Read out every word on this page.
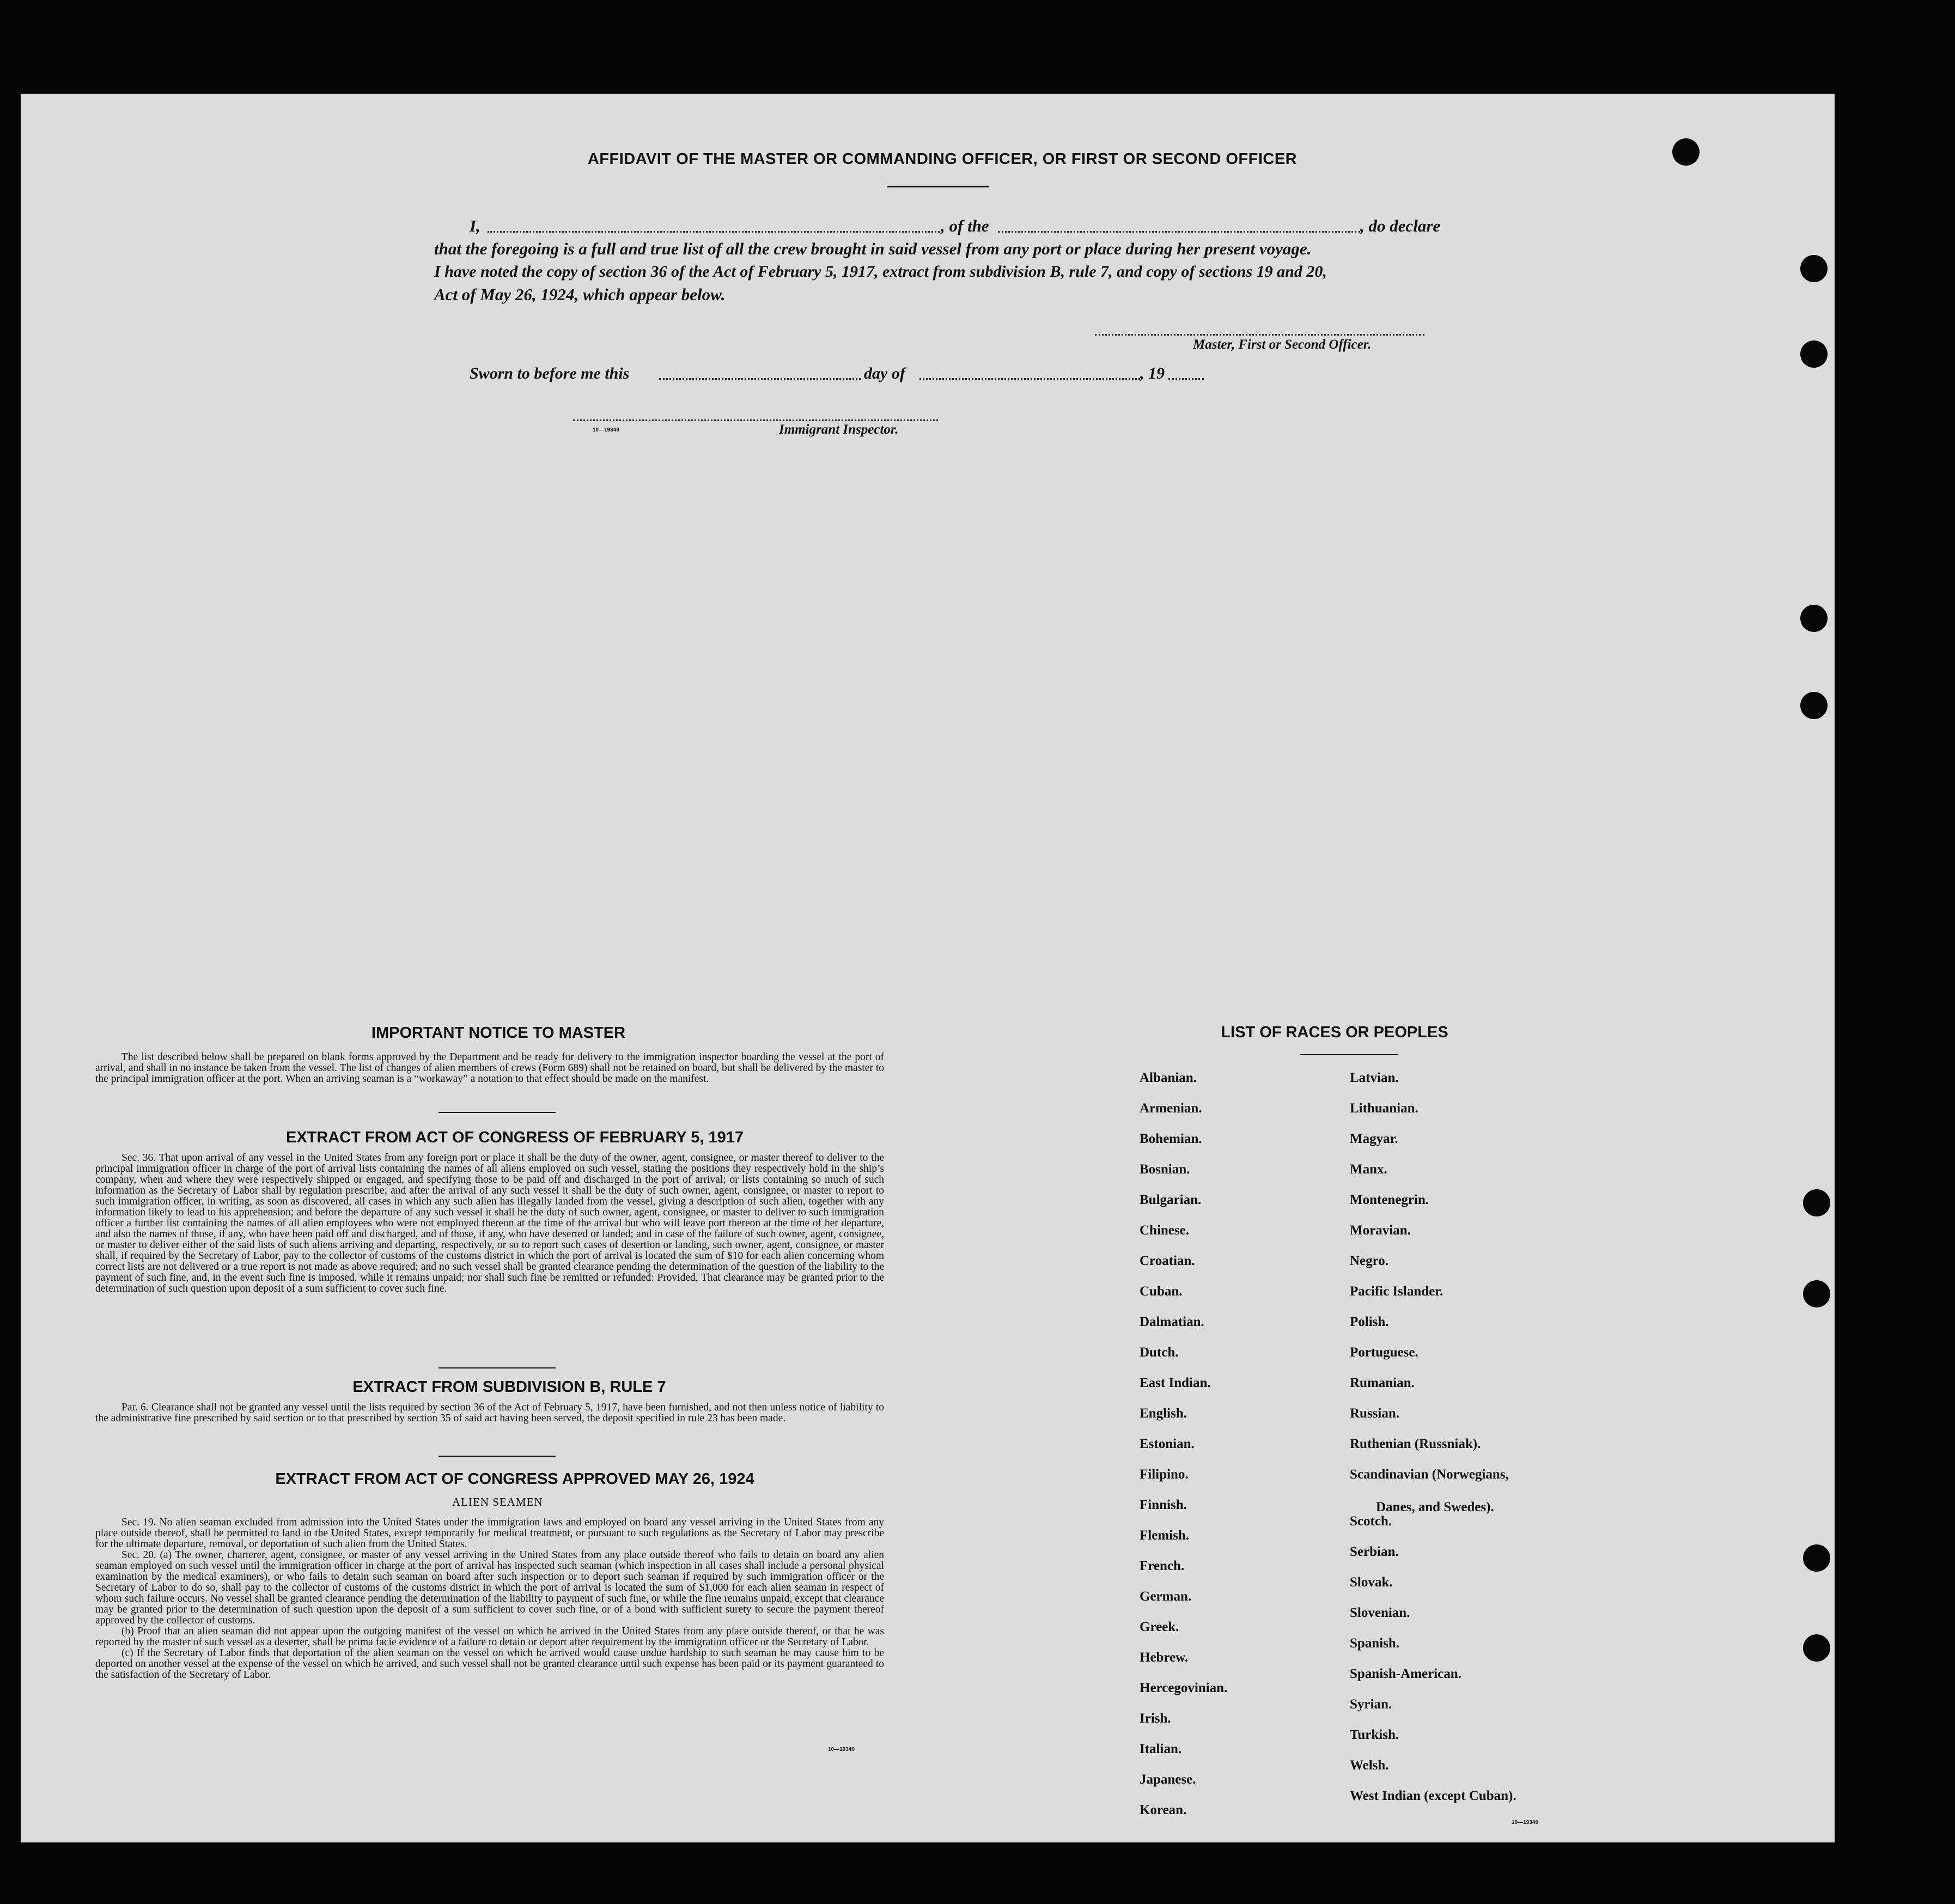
AFFIDAVIT OF THE MASTER OR COMMANDING OFFICER, OR FIRST OR SECOND OFFICER
I,	, of the	, do declare
that the foregoing is a full and true list of all the crew brought in said vessel from any port or place during her present voyage.
I have noted the copy of section 36 of the Act of February 5, 1917, extract from subdivision B, rule 7, and copy of sections 19 and 20,
Act of May 26, 1924, which appear below.
Master, First or Second Officer.
Sworn to before me this	day of	, 19
10—19349	Immigrant Inspector.
IMPORTANT NOTICE TO MASTER

The list described below shall be prepared on blank forms approved by the Department and be ready for delivery to the immigration inspector boarding the vessel at the port of arrival, and shall in no instance be taken from the vessel. The list of changes of alien members of crews (Form 689) shall not be retained on board, but shall be delivered by the master to the principal immigration officer at the port. When an arriving seaman is a “workaway” a notation to that effect should be made on the manifest.

EXTRACT FROM ACT OF CONGRESS OF FEBRUARY 5, 1917

Sec. 36. That upon arrival of any vessel in the United States from any foreign port or place it shall be the duty of the owner, agent, consignee, or master thereof to deliver to the principal immigration officer in charge of the port of arrival lists containing the names of all aliens employed on such vessel, stating the positions they respectively hold in the ship’s company, when and where they were respectively shipped or engaged, and specifying those to be paid off and discharged in the port of arrival; or lists containing so much of such information as the Secretary of Labor shall by regulation prescribe; and after the arrival of any such vessel it shall be the duty of such owner, agent, consignee, or master to report to such immigration officer, in writing, as soon as discovered, all cases in which any such alien has illegally landed from the vessel, giving a description of such alien, together with any information likely to lead to his apprehension; and before the departure of any such vessel it shall be the duty of such owner, agent, consignee, or master to deliver to such immigration officer a further list containing the names of all alien employees who were not employed thereon at the time of the arrival but who will leave port thereon at the time of her departure, and also the names of those, if any, who have been paid off and discharged, and of those, if any, who have deserted or landed; and in case of the failure of such owner, agent, consignee, or master to deliver either of the said lists of such aliens arriving and departing, respectively, or so to report such cases of desertion or landing, such owner, agent, consignee, or master shall, if required by the Secretary of Labor, pay to the collector of customs of the customs district in which the port of arrival is located the sum of $10 for each alien concerning whom correct lists are not delivered or a true report is not made as above required; and no such vessel shall be granted clearance pending the determination of the question of the liability to the payment of such fine, and, in the event such fine is imposed, while it remains unpaid; nor shall such fine be remitted or refunded: Provided, That clearance may be granted prior to the determination of such question upon deposit of a sum sufficient to cover such fine.

EXTRACT FROM SUBDIVISION B, RULE 7

Par. 6. Clearance shall not be granted any vessel until the lists required by section 36 of the Act of February 5, 1917, have been furnished, and not then unless notice of liability to the administrative fine prescribed by said section or to that prescribed by section 35 of said act having been served, the deposit specified in rule 23 has been made.

EXTRACT FROM ACT OF CONGRESS APPROVED MAY 26, 1924
ALIEN SEAMEN

Sec. 19. No alien seaman excluded from admission into the United States under the immigration laws and employed on board any vessel arriving in the United States from any place outside thereof, shall be permitted to land in the United States, except temporarily for medical treatment, or pursuant to such regulations as the Secretary of Labor may prescribe for the ultimate departure, removal, or deportation of such alien from the United States.

Sec. 20. (a) The owner, charterer, agent, consignee, or master of any vessel arriving in the United States from any place outside thereof who fails to detain on board any alien seaman employed on such vessel until the immigration officer in charge at the port of arrival has inspected such seaman (which inspection in all cases shall include a personal physical examination by the medical examiners), or who fails to detain such seaman on board after such inspection or to deport such seaman if required by such immigration officer or the Secretary of Labor to do so, shall pay to the collector of customs of the customs district in which the port of arrival is located the sum of $1,000 for each alien seaman in respect of whom such failure occurs. No vessel shall be granted clearance pending the determination of the liability to payment of such fine, or while the fine remains unpaid, except that clearance may be granted prior to the determination of such question upon the deposit of a sum sufficient to cover such fine, or of a bond with sufficient surety to secure the payment thereof approved by the collector of customs.

(b) Proof that an alien seaman did not appear upon the outgoing manifest of the vessel on which he arrived in the United States from any place outside thereof, or that he was reported by the master of such vessel as a deserter, shall be prima facie evidence of a failure to detain or deport after requirement by the immigration officer or the Secretary of Labor.

(c) If the Secretary of Labor finds that deportation of the alien seaman on the vessel on which he arrived would cause undue hardship to such seaman he may cause him to be deported on another vessel at the expense of the vessel on which he arrived, and such vessel shall not be granted clearance until such expense has been paid or its payment guaranteed to the satisfaction of the Secretary of Labor.

10—19349
LIST OF RACES OR PEOPLES
Albanian.
Armenian.
Bohemian.
Bosnian.
Bulgarian.
Chinese.
Croatian.
Cuban.
Dalmatian.
Dutch.
East Indian.
English.
Estonian.
Filipino.
Finnish.
Flemish.
French.
German.
Greek.
Hebrew.
Hercegovinian.
Irish.
Italian.
Japanese.
Korean.
Latvian.
Lithuanian.
Magyar.
Manx.
Montenegrin.
Moravian.
Negro.
Pacific Islander.
Polish.
Portuguese.
Rumanian.
Russian.
Ruthenian (Russniak).
Scandinavian (Norwegians,
Danes, and Swedes).
Scotch.
Serbian.
Slovak.
Slovenian.
Spanish.
Spanish-American.
Syrian.
Turkish.
Welsh.
West Indian (except Cuban).
10—19349
